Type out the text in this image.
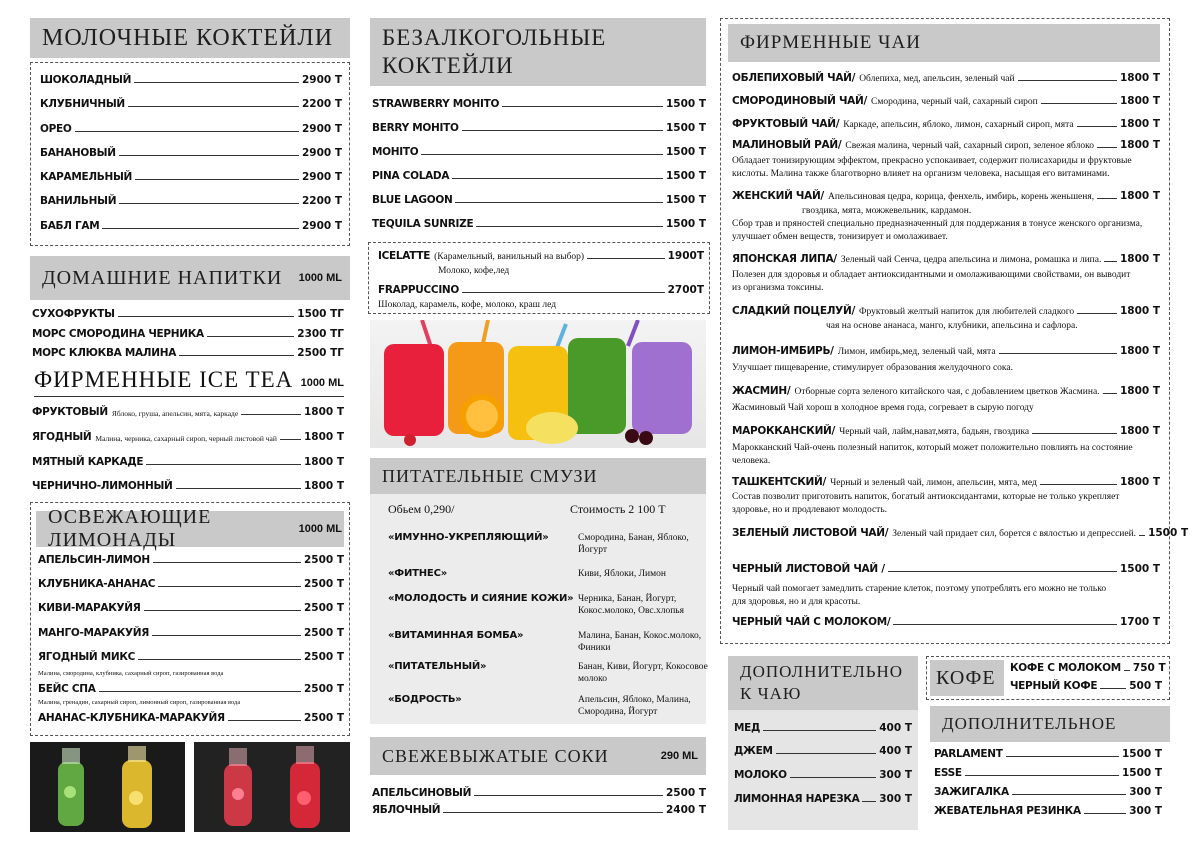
МОЛОЧНЫЕ КОКТЕЙЛИ
ШОКОЛАДНЫЙ	2900 Т
КЛУБНИЧНЫЙ	2200 Т
ОРЕО	2900 Т
БАНАНОВЫЙ	2900 Т
КАРАМЕЛЬНЫЙ	2900 Т
ВАНИЛЬНЫЙ	2200 Т
БАБЛ ГАМ	2900 Т
ДОМАШНИЕ НАПИТКИ 1000 ML
СУХОФРУКТЫ	1500 ТГ
МОРС СМОРОДИНА ЧЕРНИКА	2300 ТГ
МОРС КЛЮКВА МАЛИНА	2500 ТГ
ФИРМЕННЫЕ ICE TEA 1000 ML
ФРУКТОВЫЙ Яблоко, груша, апельсин, мята, каркаде	1800 Т
ЯГОДНЫЙ Малина, черника, сахарный сироп, черный листовой чай	1800 Т
МЯТНЫЙ КАРКАДЕ	1800 Т
ЧЕРНИЧНО-ЛИМОННЫЙ	1800 Т
ОСВЕЖАЮЩИЕ ЛИМОНАДЫ	1000 ML
АПЕЛЬСИН-ЛИМОН	2500 Т
КЛУБНИКА-АНАНАС	2500 Т
КИВИ-МАРАКУЙЯ	2500 Т
МАНГО-МАРАКУЙЯ	2500 Т
ЯГОДНЫЙ МИКС	2500 Т
Малина, смородина, клубника, сахарный сироп, газированная вода
БЕЙС СПА	2500 Т
Малина, гренадин, сахарный сироп, лимонный сироп, газированная вода
АНАНАС-КЛУБНИКА-МАРАКУЙЯ	2500 Т
БЕЗАЛКОГОЛЬНЫЕ
КОКТЕЙЛИ
STRAWBERRY MOHITO	1500 Т
BERRY MOHITO	1500 Т
MOHITO	1500 Т
PINA COLADA	1500 Т
BLUE LAGOON	1500 Т
TEQUILA SUNRIZE	1500 Т
ICELATTE (Карамельный, ванильный на выбор)	1900Т
Молоко, кофе,лед
FRAPPUCCINO	2700Т
Шоколад, карамель, кофе, молоко, краш лед
ПИТАТЕЛЬНЫЕ СМУЗИ
Обьем 0,290/	Стоимость 2 100 Т
«ИМУННО-УКРЕПЛЯЮЩИЙ»	Смородина, Банан, Яблоко, Йогурт
«ФИТНЕС»	Киви, Яблоки, Лимон
«МОЛОДОСТЬ И СИЯНИЕ КОЖИ» Черника, Банан, Йогурт, Кокос.молоко, Овс.хлопья
«ВИТАМИННАЯ БОМБА»	Малина, Банан, Кокос.молоко, Финики
«ПИТАТЕЛЬНЫЙ»	Банан, Киви, Йогурт, Кокосовое молоко
«БОДРОСТЬ»	Апельсин, Яблоко, Малина, Смородина, Йогурт
СВЕЖЕВЫЖАТЫЕ СОКИ	290 ML
АПЕЛЬСИНОВЫЙ	2500 Т
ЯБЛОЧНЫЙ	2400 Т
ФИРМЕННЫЕ ЧАИ
ОБЛЕПИХОВЫЙ ЧАЙ/ Облепиха, мед, апельсин, зеленый чай	1800 Т
СМОРОДИНОВЫЙ ЧАЙ/ Смородина, черный чай, сахарный сироп	1800 Т
ФРУКТОВЫЙ ЧАЙ/ Каркаде, апельсин, яблоко, лимон, сахарный сироп, мята	1800 Т
МАЛИНОВЫЙ РАЙ/ Свежая малина, черный чай, сахарный сироп, зеленое яблоко 1800 Т
Обладает тонизирующим эффектом, прекрасно успокаивает, содержит полисахариды и фруктовые
кислоты. Малина также благотворно влияет на организм человека, насыщая его витаминами.
ЖЕНСКИЙ ЧАЙ/ Апельсиновая цедра, корица, фенхель, имбирь, корень женьшеня, 1800 Т
гвоздика, мята, можжевельник, кардамон.
Сбор трав и пряностей специально предназначенный для поддержания в тонусе женского организма,
улучшает обмен веществ, тонизирует и омолаживает.
ЯПОНСКАЯ ЛИПА/ Зеленый чай Сенча, цедра апельсина и лимона, ромашка и липа. 1800 Т
Полезен для здоровья и обладает антиоксидантными и омолаживающими свойствами, он выводит
из организма токсины.
СЛАДКИЙ ПОЦЕЛУЙ/ Фруктовый желтый напиток для любителей сладкого	1800 Т
чая на основе ананаса, манго, клубники, апельсина и сафлора.
ЛИМОН-ИМБИРЬ/ Лимон, имбирь,мед, зеленый чай, мята	1800 Т
Улучшает пищеварение, стимулирует образования желудочного сока.
ЖАСМИН/ Отборные сорта зеленого китайского чая, с добавлением цветков Жасмина. 1800 Т
Жасминовый Чай хорош в холодное время года, согревает в сырую погоду
МАРОККАНСКИЙ/ Черный чай, лайм,нават,мята, бадьян, гвоздика	1800 Т
Марокканский Чай-очень полезный напиток, который может положительно повлиять на состояние
человека.
ТАШКЕНТСКИЙ/ Черный и зеленый чай, лимон, апельсин, мята, мед	1800 Т
Состав позволит приготовить напиток, богатый антиоксидантами, которые не только укрепляет
здоровье, но и продлевают молодость.
ЗЕЛЕНЫЙ ЛИСТОВОЙ ЧАЙ/ Зеленый чай придает сил, борется с вялостью и депрессией. 1500 Т
ЧЕРНЫЙ ЛИСТОВОЙ ЧАЙ /	1500 Т
Черный чай помогает замедлить старение клеток, поэтому употреблять его можно не только
для здоровья, но и для красоты.
ЧЕРНЫЙ ЧАЙ С МОЛОКОМ/	1700 Т
ДОПОЛНИТЕЛЬНО
К ЧАЮ
МЕД	400 Т
ДЖЕМ	400 Т
МОЛОКО	300 Т
ЛИМОННАЯ НАРЕЗКА 300 Т
КОФЕ КОФЕ С МОЛОКОМ 750 Т
ЧЕРНЫЙ КОФЕ	500 Т
ДОПОЛНИТЕЛЬНОЕ
PARLAMENT	1500 Т
ESSE	1500 Т
ЗАЖИГАЛКА	300 Т
ЖЕВАТЕЛЬНАЯ РЕЗИНКА	300 Т
